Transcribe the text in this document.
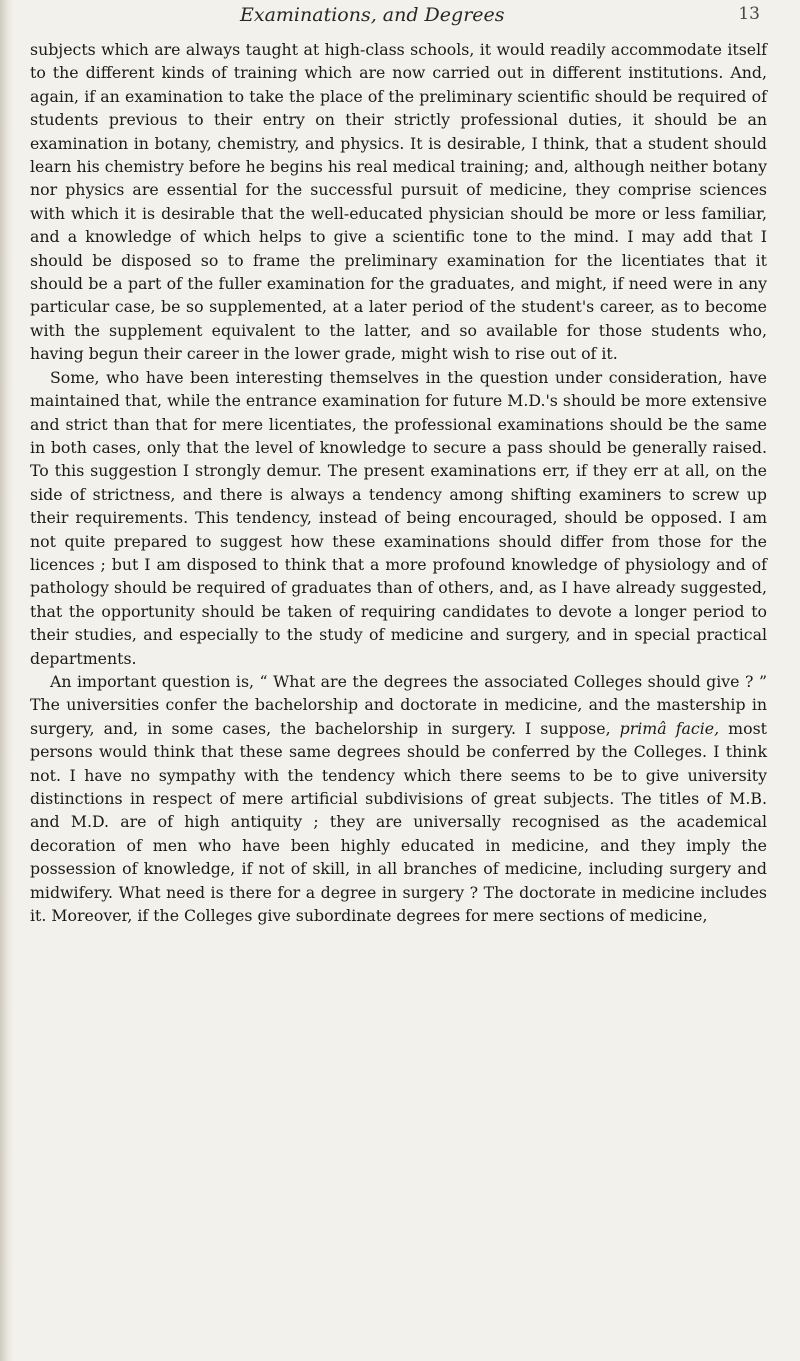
Examinations, and Degrees	13

subjects which are always taught at high-class schools, it would readily accommodate itself to the different kinds of training which are now carried out in different institutions. And, again, if an examination to take the place of the preliminary scientific should be required of students previous to their entry on their strictly professional duties, it should be an examination in botany, chemistry, and physics. It is desirable, I think, that a student should learn his chemistry before he begins his real medical training; and, although neither botany nor physics are essential for the successful pursuit of medicine, they comprise sciences with which it is desirable that the well-educated physician should be more or less familiar, and a knowledge of which helps to give a scientific tone to the mind. I may add that I should be disposed so to frame the preliminary examination for the licentiates that it should be a part of the fuller examination for the graduates, and might, if need were in any particular case, be so supplemented, at a later period of the student's career, as to become with the supplement equivalent to the latter, and so available for those students who, having begun their career in the lower grade, might wish to rise out of it.

Some, who have been interesting themselves in the question under consideration, have maintained that, while the entrance examination for future M.D.'s should be more extensive and strict than that for mere licentiates, the professional examinations should be the same in both cases, only that the level of knowledge to secure a pass should be generally raised. To this suggestion I strongly demur. The present examinations err, if they err at all, on the side of strictness, and there is always a tendency among shifting examiners to screw up their requirements. This tendency, instead of being encouraged, should be opposed. I am not quite prepared to suggest how these examinations should differ from those for the licences ; but I am disposed to think that a more profound knowledge of physiology and of pathology should be required of graduates than of others, and, as I have already suggested, that the opportunity should be taken of requiring candidates to devote a longer period to their studies, and especially to the study of medicine and surgery, and in special practical departments.

An important question is, “ What are the degrees the associated Colleges should give ? ” The universities confer the bachelorship and doctorate in medicine, and the mastership in surgery, and, in some cases, the bachelorship in surgery. I suppose, primâ facie, most persons would think that these same degrees should be conferred by the Colleges. I think not. I have no sympathy with the tendency which there seems to be to give university distinctions in respect of mere artificial subdivisions of great subjects. The titles of M.B. and M.D. are of high antiquity ; they are universally recognised as the academical decoration of men who have been highly educated in medicine, and they imply the possession of knowledge, if not of skill, in all branches of medicine, including surgery and midwifery. What need is there for a degree in surgery ? The doctorate in medicine includes it. Moreover, if the Colleges give subordinate degrees for mere sections of medicine,
